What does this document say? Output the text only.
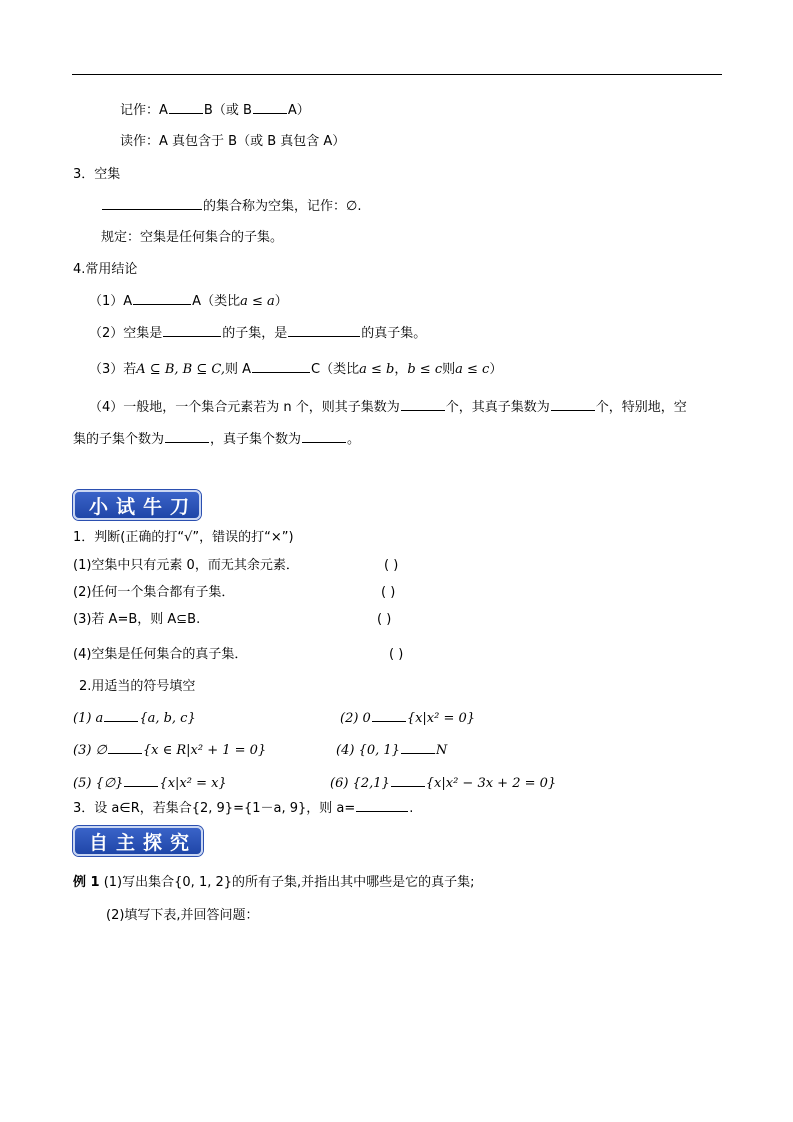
记作：A	B（或 B	A）
读作：A 真包含于 B（或 B 真包含 A）
3．空集
的集合称为空集，记作：∅.
规定：空集是任何集合的子集。
4.常用结论
（1）A	A（类比a ≤ a）
（2）空集是	的子集，是	的真子集。
（3）若A ⊆ B, B ⊆ C,则 A	C（类比a ≤ b，b ≤ c则a ≤ c）
（4）一般地，一个集合元素若为 n 个，则其子集数为	个，其真子集数为	个，特别地，空
集的子集个数为	，真子集个数为	。
小试牛刀
1．判断(正确的打“√”，错误的打“×”)
(1)空集中只有元素 0，而无其余元素．	( )
(2)任何一个集合都有子集．	( )
(3)若 A=B，则 A⊆B.	( )
(4)空集是任何集合的真子集．	( )
2.用适当的符号填空
(1) a	{a, b, c}	(2) 0	{x|x² = 0}
(3) ∅	{x ∈ R|x² + 1 = 0}	(4) {0, 1}	N
(5) {∅}	{x|x² = x}	(6) {2,1}	{x|x² − 3x + 2 = 0}
3．设 a∈R，若集合{2, 9}={1－a, 9}，则 a=	.
自主探究
例 1 (1)写出集合{0, 1, 2}的所有子集,并指出其中哪些是它的真子集;
(2)填写下表,并回答问题：
